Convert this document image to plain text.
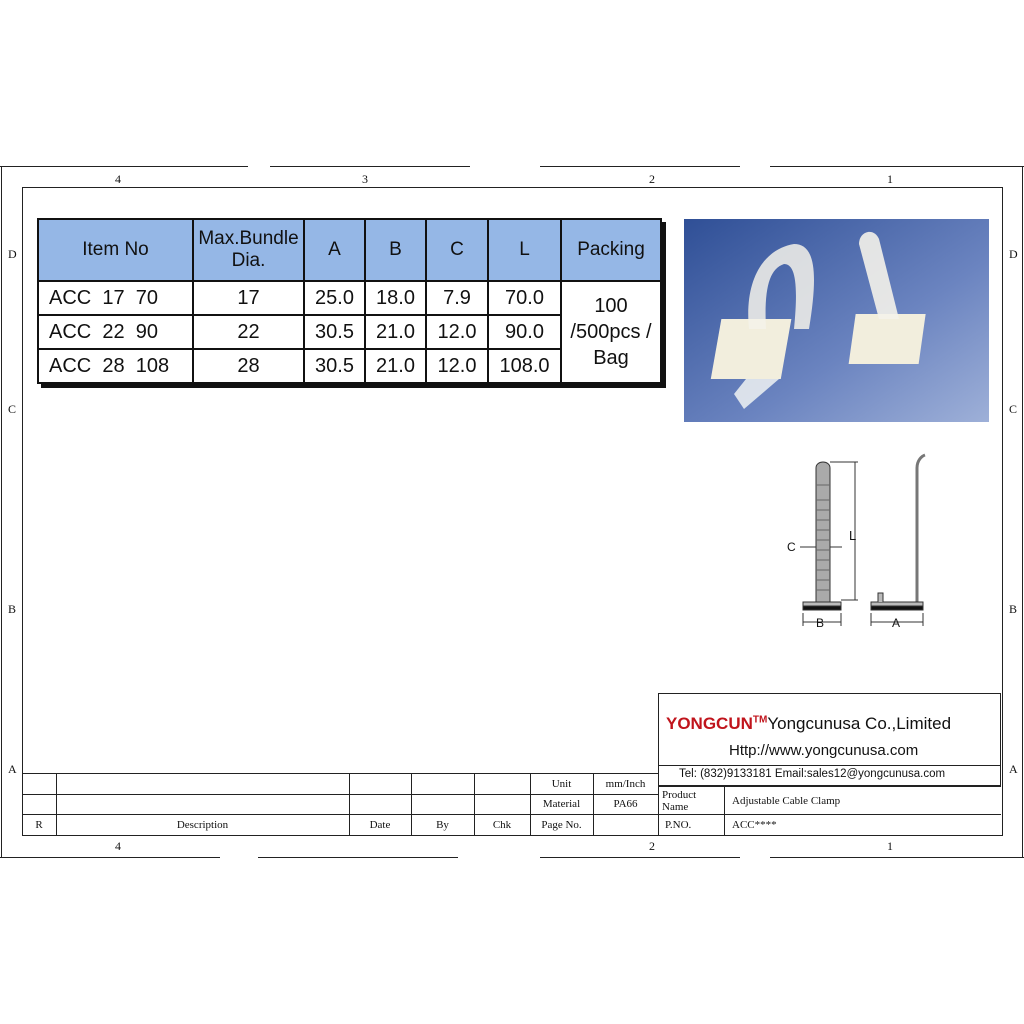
4	3	2	1
4	2	1
D
C
B
A
D
C
B
A
Item No	Max.Bundle Dia.	A	B	C	L	Packing
ACC  17  70	17	25.0	18.0	7.9	70.0	100 /500pcs / Bag
ACC  22  90	22	30.5	21.0	12.0	90.0	
ACC  28  108	28	30.5	21.0	12.0	108.0	
L
C
B	A
YONGCUN™Yongcunusa Co.,Limited
Http://www.yongcunusa.com
Tel: (832)9133181 Email:sales12@yongcunusa.com
Unit	mm/Inch
Material	PA66
Page No.
Product Name	Adjustable Cable Clamp
P.NO.	ACC****
R	Description	Date	By	Chk
